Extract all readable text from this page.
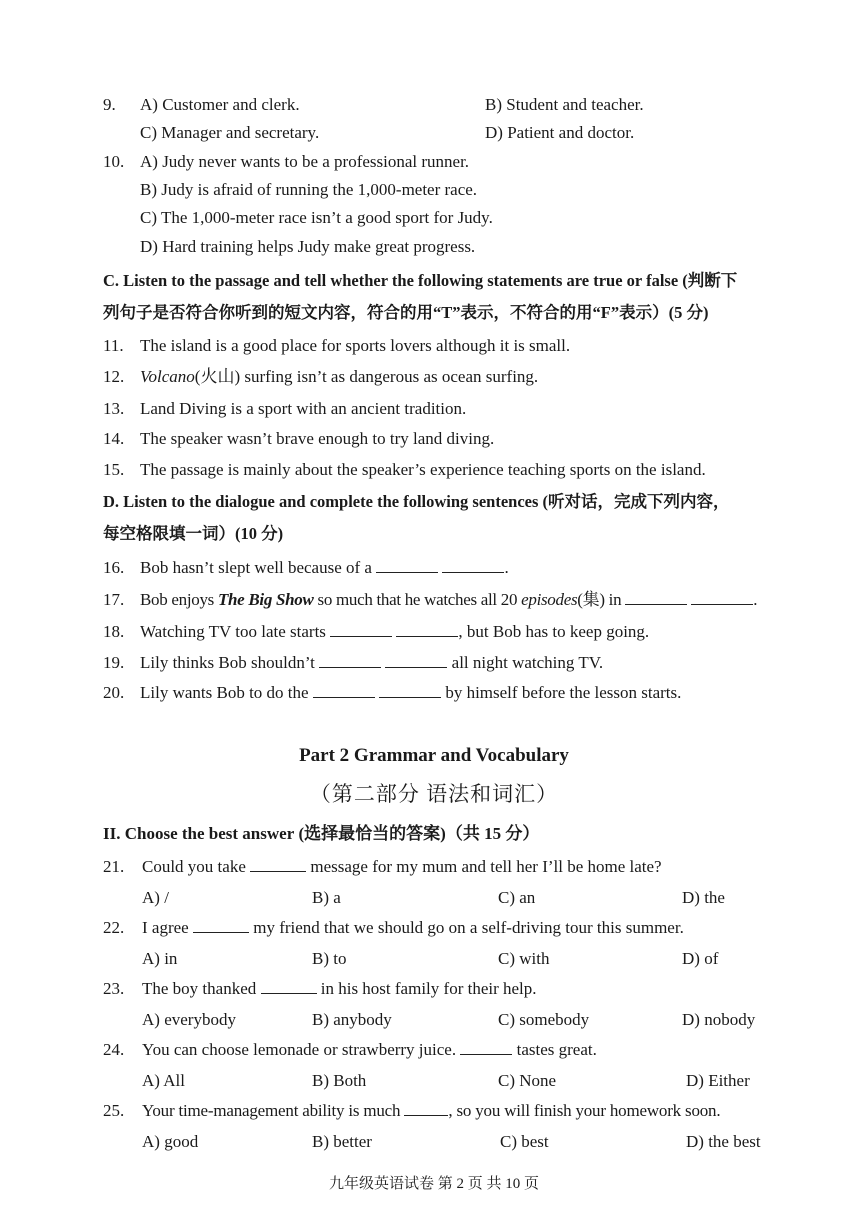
9. A) Customer and clerk.	B) Student and teacher.
C) Manager and secretary.	D) Patient and doctor.
10. A) Judy never wants to be a professional runner.
B) Judy is afraid of running the 1,000-meter race.
C) The 1,000-meter race isn’t a good sport for Judy.
D) Hard training helps Judy make great progress.
C. Listen to the passage and tell whether the following statements are true or false (判断下
列句子是否符合你听到的短文内容，符合的用“T”表示，不符合的用“F”表示）(5 分)
11. The island is a good place for sports lovers although it is small.
12. Volcano(火山) surfing isn’t as dangerous as ocean surfing.
13. Land Diving is a sport with an ancient tradition.
14. The speaker wasn’t brave enough to try land diving.
15. The passage is mainly about the speaker’s experience teaching sports on the island.
D. Listen to the dialogue and complete the following sentences (听对话，完成下列内容，
每空格限填一词）(10 分)
16. Bob hasn’t slept well because of a	.
17. Bob enjoys The Big Show so much that he watches all 20 episodes(集) in	.
18. Watching TV too late starts	, but Bob has to keep going.
19. Lily thinks Bob shouldn’t	all night watching TV.
20. Lily wants Bob to do the	by himself before the lesson starts.
Part 2 Grammar and Vocabulary
（第二部分 语法和词汇）
II. Choose the best answer (选择最恰当的答案)（共 15 分）
21. Could you take	message for my mum and tell her I’ll be home late?
A) /	B) a	C) an	D) the
22. I agree	my friend that we should go on a self-driving tour this summer.
A) in	B) to	C) with	D) of
23. The boy thanked	in his host family for their help.
A) everybody	B) anybody	C) somebody	D) nobody
24. You can choose lemonade or strawberry juice.	tastes great.
A) All	B) Both	C) None	D) Either
25. Your time-management ability is much	, so you will finish your homework soon.
A) good	B) better	C) best	D) the best
九年级英语试卷 第 2 页 共 10 页
